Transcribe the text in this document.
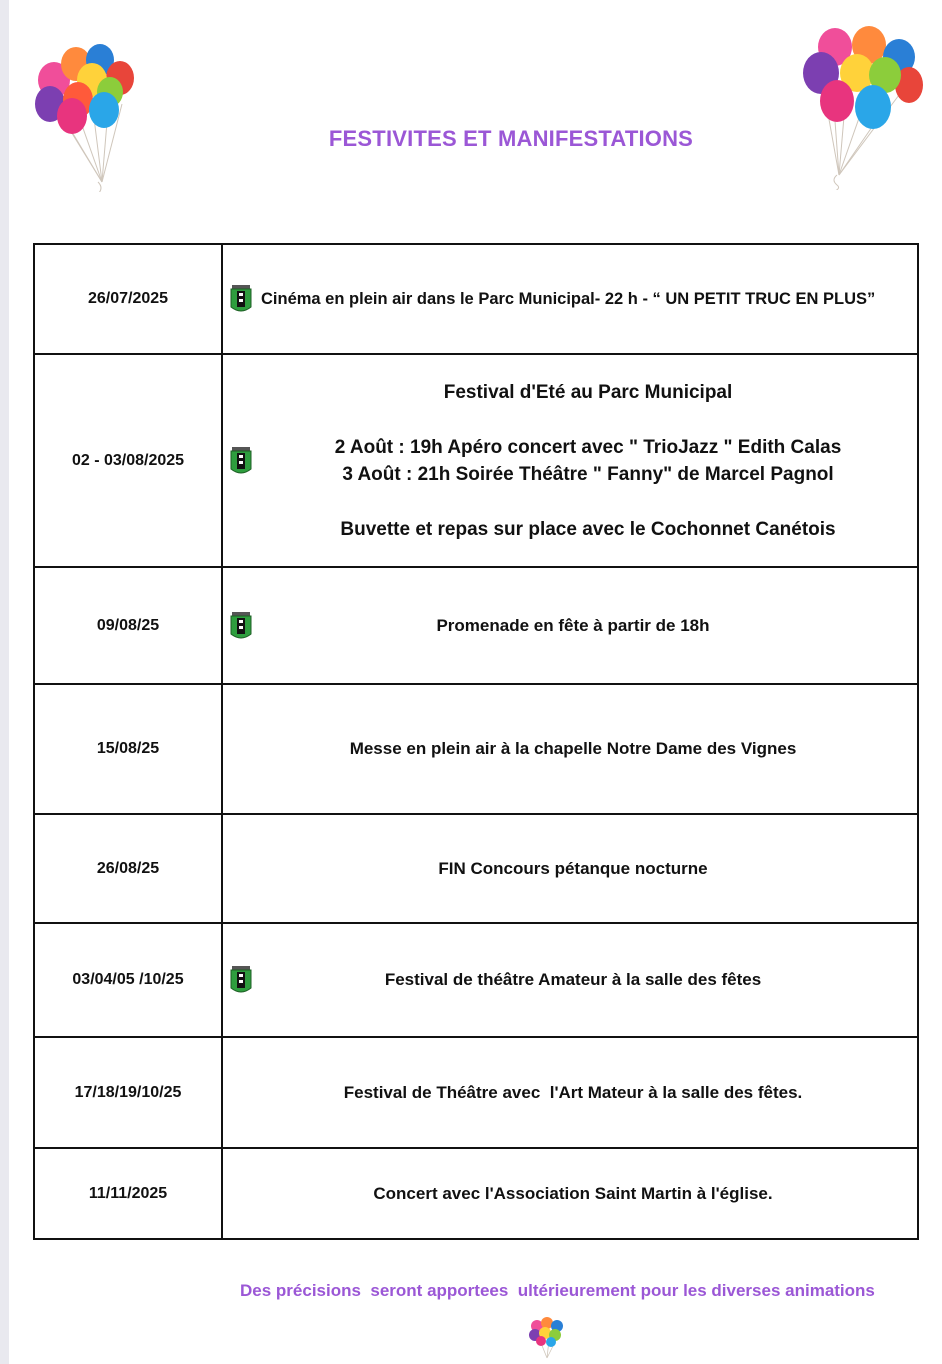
FESTIVITES ET MANIFESTATIONS
26/07/2025	Cinéma en plein air dans le Parc Municipal- 22 h - “ UN PETIT TRUC EN PLUS”
02 - 03/08/2025	Festival d'Eté au Parc Municipal
2 Août : 19h Apéro concert avec " TrioJazz " Edith Calas
3 Août : 21h Soirée Théâtre " Fanny" de Marcel Pagnol
Buvette et repas sur place avec le Cochonnet Canétois

09/08/25	Promenade en fête à partir de 18h
15/08/25	Messe en plein air à la chapelle Notre Dame des Vignes
26/08/25	FIN Concours pétanque nocturne
03/04/05 /10/25	Festival de théâtre Amateur à la salle des fêtes
17/18/19/10/25	Festival de Théâtre avec  l'Art Mateur à la salle des fêtes.
11/11/2025	Concert avec l'Association Saint Martin à l'église.
Des précisions  seront apportees  ultérieurement pour les diverses animations
